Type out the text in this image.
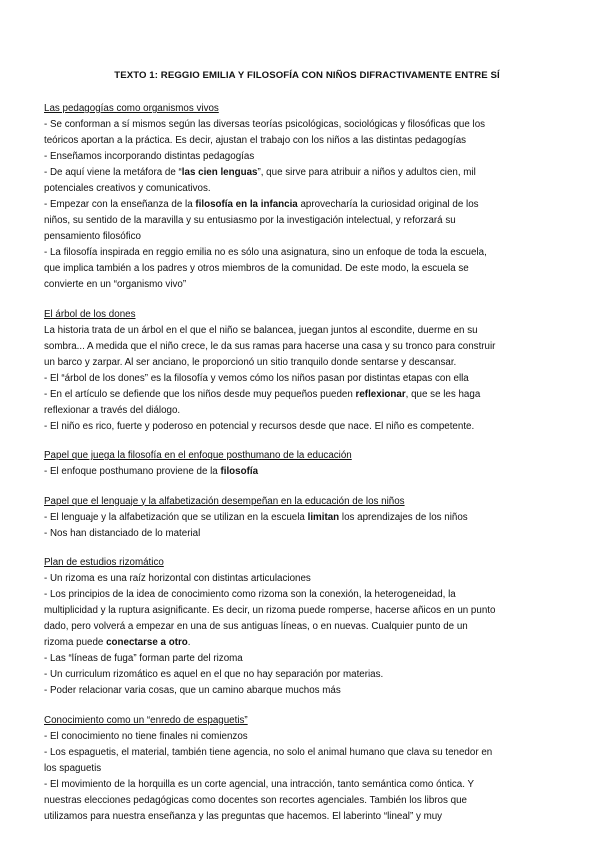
TEXTO 1: REGGIO EMILIA Y FILOSOFÍA CON NIÑOS DIFRACTIVAMENTE ENTRE SÍ

Las pedagogías como organismos vivos

- Se conforman a sí mismos según las diversas teorías psicológicas, sociológicas y filosóficas que los

teóricos aportan a la práctica. Es decir, ajustan el trabajo con los niños a las distintas pedagogías

- Enseñamos incorporando distintas pedagogías

- De aquí viene la metáfora de “las cien lenguas”, que sirve para atribuir a niños y adultos cien, mil

potenciales creativos y comunicativos.

- Empezar con la enseñanza de la filosofía en la infancia aprovecharía la curiosidad original de los

niños, su sentido de la maravilla y su entusiasmo por la investigación intelectual, y reforzará su

pensamiento filosófico

- La filosofía inspirada en reggio emilia no es sólo una asignatura, sino un enfoque de toda la escuela,

que implica también a los padres y otros miembros de la comunidad. De este modo, la escuela se

convierte en un “organismo vivo”

El árbol de los dones

La historia trata de un árbol en el que el niño se balancea, juegan juntos al escondite, duerme en su

sombra... A medida que el niño crece, le da sus ramas para hacerse una casa y su tronco para construir

un barco y zarpar. Al ser anciano, le proporcionó un sitio tranquilo donde sentarse y descansar.

- El “árbol de los dones” es la filosofía y vemos cómo los niños pasan por distintas etapas con ella

- En el artículo se defiende que los niños desde muy pequeños pueden reflexionar, que se les haga

reflexionar a través del diálogo.

- El niño es rico, fuerte y poderoso en potencial y recursos desde que nace. El niño es competente.

Papel que juega la filosofía en el enfoque posthumano de la educación

- El enfoque posthumano proviene de la filosofía

Papel que el lenguaje y la alfabetización desempeñan en la educación de los niños

- El lenguaje y la alfabetización que se utilizan en la escuela limitan los aprendizajes de los niños

- Nos han distanciado de lo material

Plan de estudios rizomático

- Un rizoma es una raíz horizontal con distintas articulaciones

- Los principios de la idea de conocimiento como rizoma son la conexión, la heterogeneidad, la

multiplicidad y la ruptura asignificante. Es decir, un rizoma puede romperse, hacerse añicos en un punto

dado, pero volverá a empezar en una de sus antiguas líneas, o en nuevas. Cualquier punto de un

rizoma puede conectarse a otro.

- Las “líneas de fuga” forman parte del rizoma

- Un curriculum rizomático es aquel en el que no hay separación por materias.

- Poder relacionar varia cosas, que un camino abarque muchos más

Conocimiento como un “enredo de espaguetis”

- El conocimiento no tiene finales ni comienzos

- Los espaguetis, el material, también tiene agencia, no solo el animal humano que clava su tenedor en

los spaguetis

- El movimiento de la horquilla es un corte agencial, una intracción, tanto semántica como óntica. Y

nuestras elecciones pedagógicas como docentes son recortes agenciales. También los libros que

utilizamos para nuestra enseñanza y las preguntas que hacemos. El laberinto “lineal” y muy
